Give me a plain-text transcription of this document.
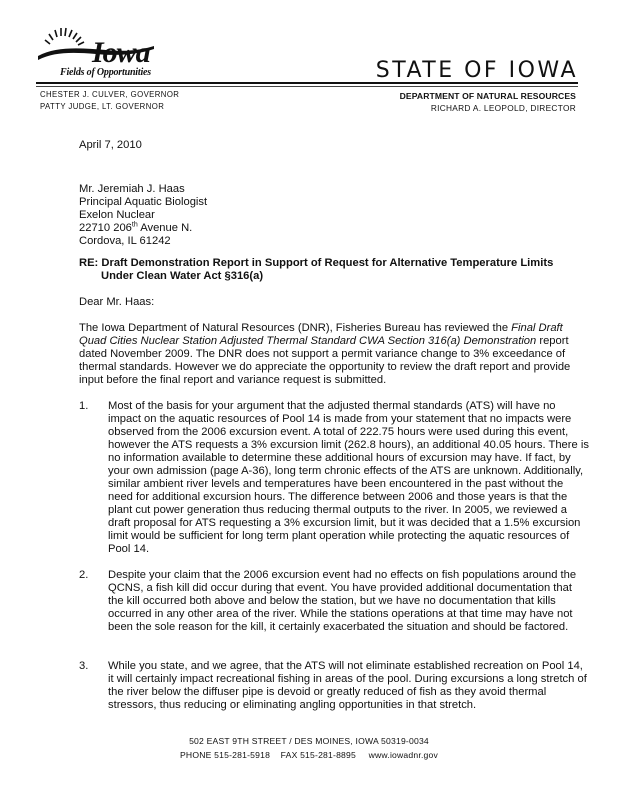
Iowa
Fields of Opportunities	STATE OF IOWA
CHESTER J. CULVER, GOVERNOR
PATTY JUDGE, LT. GOVERNOR
DEPARTMENT OF NATURAL RESOURCES
RICHARD A. LEOPOLD, DIRECTOR
April 7, 2010
Mr. Jeremiah J. Haas
Principal Aquatic Biologist
Exelon Nuclear
22710 206th Avenue N.
Cordova, IL 61242
RE: Draft Demonstration Report in Support of Request for Alternative Temperature Limits
Under Clean Water Act §316(a)
Dear Mr. Haas:
The Iowa Department of Natural Resources (DNR), Fisheries Bureau has reviewed the Final Draft Quad Cities Nuclear Station Adjusted Thermal Standard CWA Section 316(a) Demonstration report dated November 2009. The DNR does not support a permit variance change to 3% exceedance of thermal standards. However we do appreciate the opportunity to review the draft report and provide input before the final report and variance request is submitted.
1. Most of the basis for your argument that the adjusted thermal standards (ATS) will have no impact on the aquatic resources of Pool 14 is made from your statement that no impacts were observed from the 2006 excursion event. A total of 222.75 hours were used during this event, however the ATS requests a 3% excursion limit (262.8 hours), an additional 40.05 hours. There is no information available to determine these additional hours of excursion may have. If fact, by your own admission (page A-36), long term chronic effects of the ATS are unknown. Additionally, similar ambient river levels and temperatures have been encountered in the past without the need for additional excursion hours. The difference between 2006 and those years is that the plant cut power generation thus reducing thermal outputs to the river. In 2005, we reviewed a draft proposal for ATS requesting a 3% excursion limit, but it was decided that a 1.5% excursion limit would be sufficient for long term plant operation while protecting the aquatic resources of Pool 14.
2. Despite your claim that the 2006 excursion event had no effects on fish populations around the QCNS, a fish kill did occur during that event. You have provided additional documentation that the kill occurred both above and below the station, but we have no documentation that kills occurred in any other area of the river. While the stations operations at that time may have not been the sole reason for the kill, it certainly exacerbated the situation and should be factored.
3. While you state, and we agree, that the ATS will not eliminate established recreation on Pool 14, it will certainly impact recreational fishing in areas of the pool. During excursions a long stretch of the river below the diffuser pipe is devoid or greatly reduced of fish as they avoid thermal stressors, thus reducing or eliminating angling opportunities in that stretch.
502 EAST 9TH STREET / DES MOINES, IOWA 50319-0034
PHONE 515-281-5918 FAX 515-281-8895 www.iowadnr.gov
